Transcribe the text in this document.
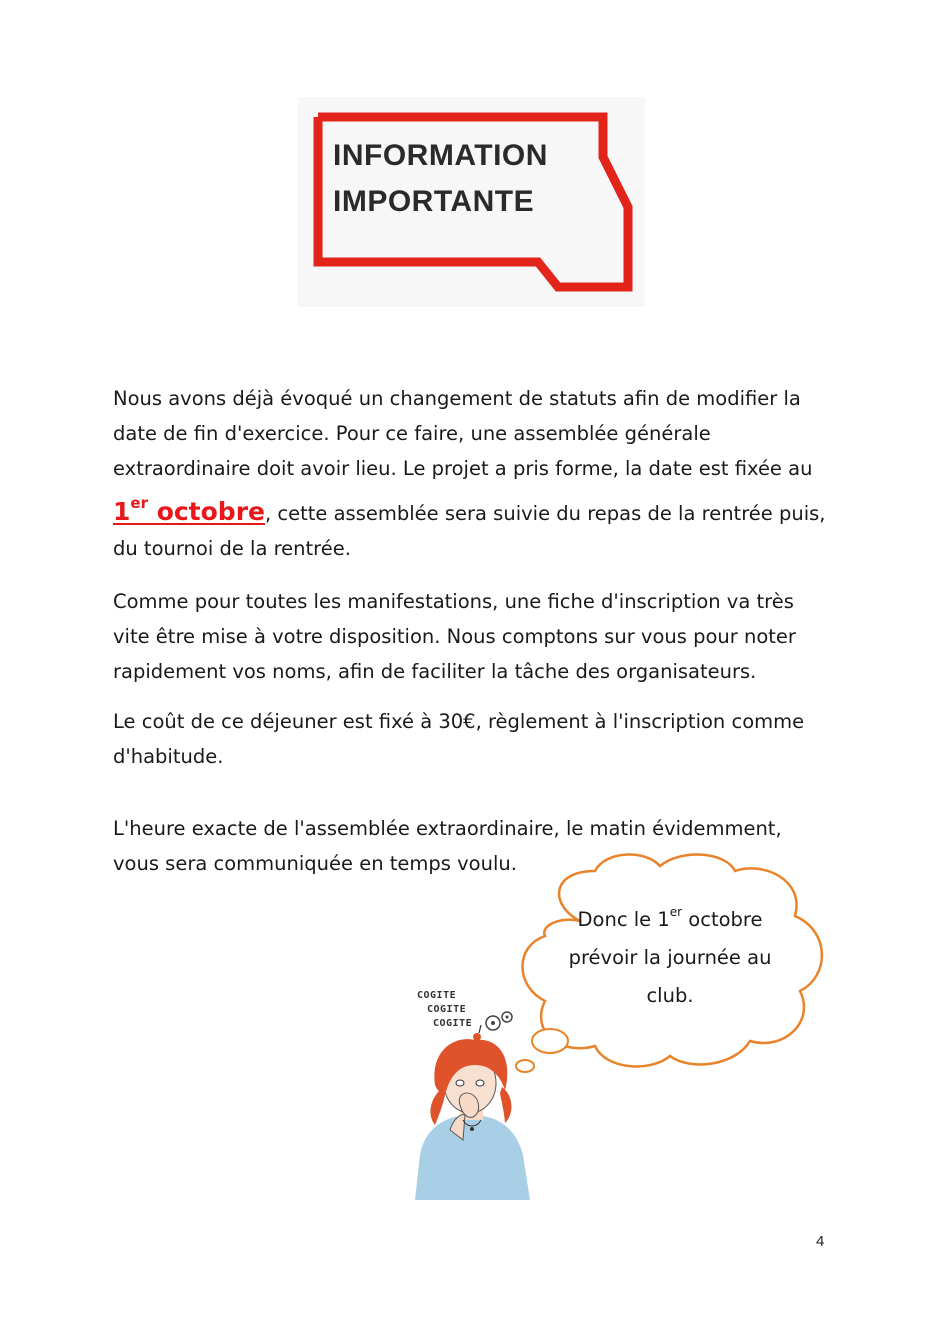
INFORMATION
IMPORTANTE

Nous avons déjà évoqué un changement de statuts afin de modifier la date de fin d'exercice. Pour ce faire, une assemblée générale extraordinaire doit avoir lieu. Le projet a pris forme, la date est fixée au 1er octobre, cette assemblée sera suivie du repas de la rentrée puis, du tournoi de la rentrée.

Comme pour toutes les manifestations, une fiche d'inscription va très vite être mise à votre disposition. Nous comptons sur vous pour noter rapidement vos noms, afin de faciliter la tâche des organisateurs.

Le coût de ce déjeuner est fixé à 30€, règlement à l'inscription comme d'habitude.

L'heure exacte de l'assemblée extraordinaire, le matin évidemment, vous sera communiquée en temps voulu.

Donc le 1er octobre prévoir la journée au club.

COGITE
COGITE
COGITE
4
